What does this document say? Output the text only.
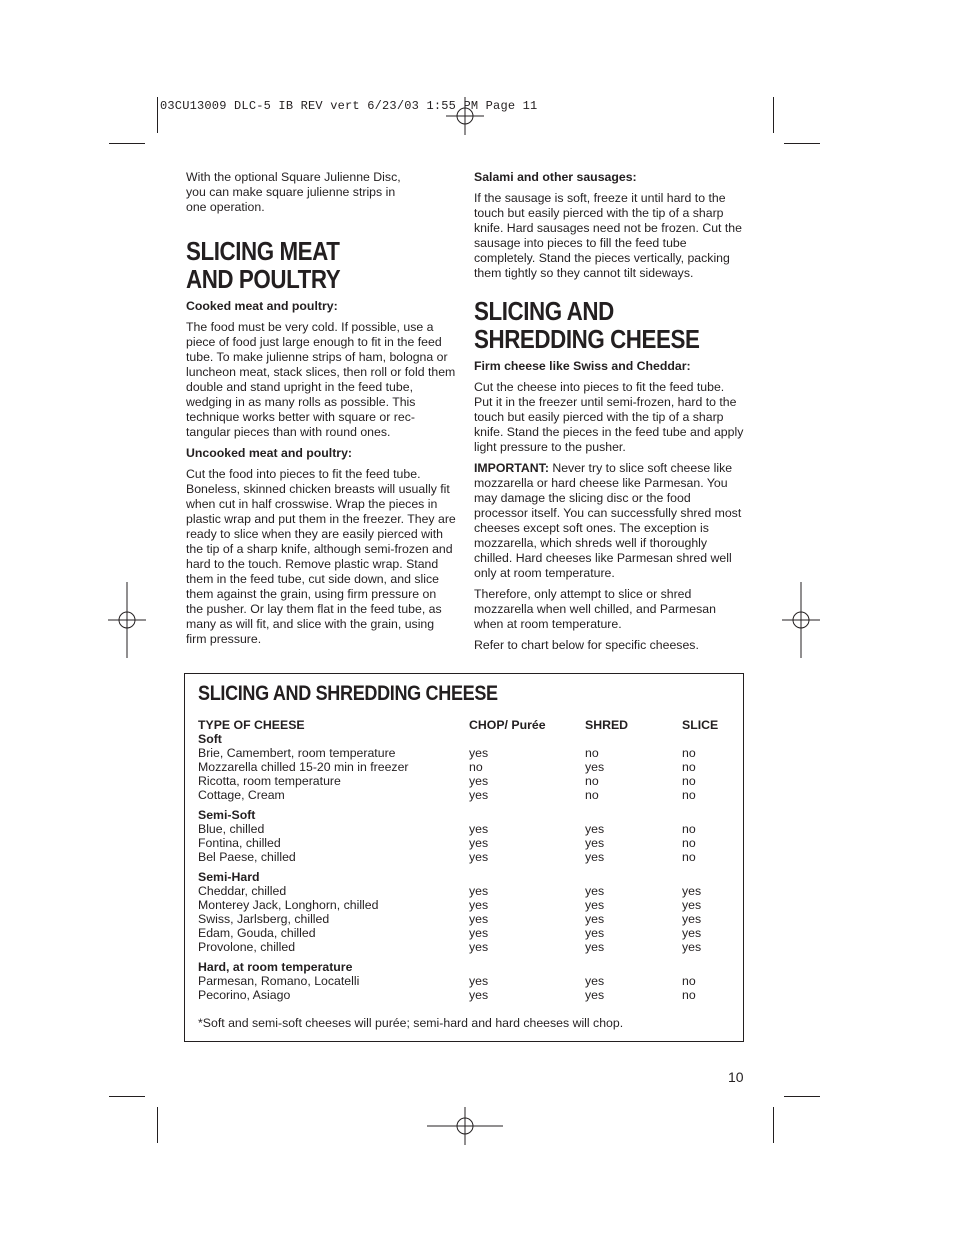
03CU13009 DLC-5 IB REV vert 6/23/03 1:55 PM Page 11

With the optional Square Julienne Disc, you can make square julienne strips in one operation.

SLICING MEAT
AND POULTRY
Cooked meat and poultry:

The food must be very cold. If possible, use a piece of food just large enough to fit in the feed tube. To make julienne strips of ham, bologna or luncheon meat, stack slices, then roll or fold them double and stand upright in the feed tube, wedging in as many rolls as possible. This technique works better with square or rec-tangular pieces than with round ones.

Uncooked meat and poultry:

Cut the food into pieces to fit the feed tube. Boneless, skinned chicken breasts will usually fit when cut in half crosswise. Wrap the pieces in plastic wrap and put them in the freezer. They are ready to slice when they are easily pierced with the tip of a sharp knife, although semi-frozen and hard to the touch. Remove plastic wrap. Stand them in the feed tube, cut side down, and slice them against the grain, using firm pressure on the pusher. Or lay them flat in the feed tube, as many as will fit, and slice with the grain, using firm pressure.

Salami and other sausages:

If the sausage is soft, freeze it until hard to the touch but easily pierced with the tip of a sharp knife. Hard sausages need not be frozen. Cut the sausage into pieces to fill the feed tube completely. Stand the pieces vertically, packing them tightly so they cannot tilt sideways.

SLICING AND
SHREDDING CHEESE
Firm cheese like Swiss and Cheddar:

Cut the cheese into pieces to fit the feed tube. Put it in the freezer until semi-frozen, hard to the touch but easily pierced with the tip of a sharp knife. Stand the pieces in the feed tube and apply light pressure to the pusher.

IMPORTANT: Never try to slice soft cheese like mozzarella or hard cheese like Parmesan. You may damage the slicing disc or the food processor itself. You can successfully shred most cheeses except soft ones. The exception is mozzarella, which shreds well if thoroughly chilled. Hard cheeses like Parmesan shred well only at room temperature.

Therefore, only attempt to slice or shred mozzarella when well chilled, and Parmesan when at room temperature.

Refer to chart below for specific cheeses.

SLICING AND SHREDDING CHEESE
TYPE OF CHEESE	CHOP/ Purée	SHRED	SLICE
Soft
Brie, Camembert, room temperature	yes	no	no
Mozzarella chilled 15-20 min in freezer	no	yes	no
Ricotta, room temperature	yes	no	no
Cottage, Cream	yes	no	no
Semi-Soft
Blue, chilled	yes	yes	no
Fontina, chilled	yes	yes	no
Bel Paese, chilled	yes	yes	no
Semi-Hard
Cheddar, chilled	yes	yes	yes
Monterey Jack, Longhorn, chilled	yes	yes	yes
Swiss, Jarlsberg, chilled	yes	yes	yes
Edam, Gouda, chilled	yes	yes	yes
Provolone, chilled	yes	yes	yes
Hard, at room temperature
Parmesan, Romano, Locatelli	yes	yes	no
Pecorino, Asiago	yes	yes	no
*Soft and semi-soft cheeses will purée; semi-hard and hard cheeses will chop.
10
